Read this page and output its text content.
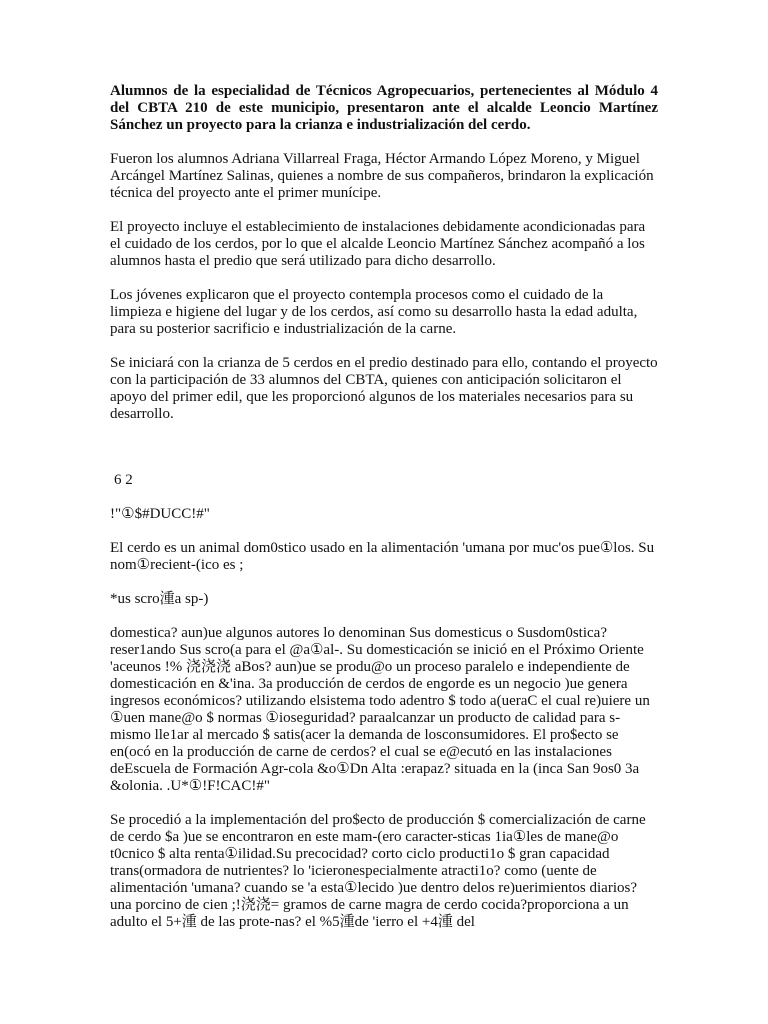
Alumnos de la especialidad de Técnicos Agropecuarios, pertenecientes al Módulo 4 del CBTA 210 de este municipio, presentaron ante el alcalde Leoncio Martínez Sánchez un proyecto para la crianza e industrialización del cerdo.

Fueron los alumnos Adriana Villarreal Fraga, Héctor Armando López Moreno, y Miguel Arcángel Martínez Salinas, quienes a nombre de sus compañeros, brindaron la explicación técnica del proyecto ante el primer munícipe.

El proyecto incluye el establecimiento de instalaciones debidamente acondicionadas para el cuidado de los cerdos, por lo que el alcalde Leoncio Martínez Sánchez acompañó a los alumnos hasta el predio que será utilizado para dicho desarrollo.

Los jóvenes explicaron que el proyecto contempla procesos como el cuidado de la limpieza e higiene del lugar y de los cerdos, así como su desarrollo hasta la edad adulta, para su posterior sacrificio e industrialización de la carne.

Se iniciará con la crianza de 5 cerdos en el predio destinado para ello, contando el proyecto con la participación de 33 alumnos del CBTA, quienes con anticipación solicitaron el apoyo del primer edil, que les proporcionó algunos de los materiales necesarios para su desarrollo.

6 2

!"①$#DUCC!#"

El cerdo es un animal dom0stico usado en la alimentación 'umana por muc'os pue①los. Su nom①recient-(ico es ;

*us scro湩a sp-)

domestica? aun)ue algunos autores lo denominan Sus domesticus o Susdom0stica? reser1ando Sus scro(a para el @a①al-. Su domesticación se inició en el Próximo Oriente 'aceunos !% 浇浇浇 aBos? aun)ue se produ@o un proceso paralelo e independiente de domesticación en &'ina. 3a producción de cerdos de engorde es un negocio )ue genera ingresos económicos? utilizando elsistema todo adentro $ todo a(ueraC el cual re)uiere un ①uen mane@o $ normas ①ioseguridad? paraalcanzar un producto de calidad para s- mismo lle1ar al mercado $ satis(acer la demanda de losconsumidores. El pro$ecto se en(ocó en la producción de carne de cerdos? el cual se e@ecutó en las instalaciones deEscuela de Formación Agr-cola &o①Dn Alta :erapaz? situada en la (inca San 9os0 3a &olonia. .U*①!F!CAC!#"

Se procedió a la implementación del pro$ecto de producción $ comercialización de carne de cerdo $a )ue se encontraron en este mam-(ero caracter-sticas 1ia①les de mane@o t0cnico $ alta renta①ilidad.Su precocidad? corto ciclo producti1o $ gran capacidad trans(ormadora de nutrientes? lo 'icieronespecialmente atracti1o? como (uente de alimentación 'umana? cuando se 'a esta①lecido )ue dentro delos re)uerimientos diarios? una porcino de cien ;!浇浇= gramos de carne magra de cerdo cocida?proporciona a un adulto el 5+湩 de las prote-nas? el %5湩de 'ierro el +4湩 del
